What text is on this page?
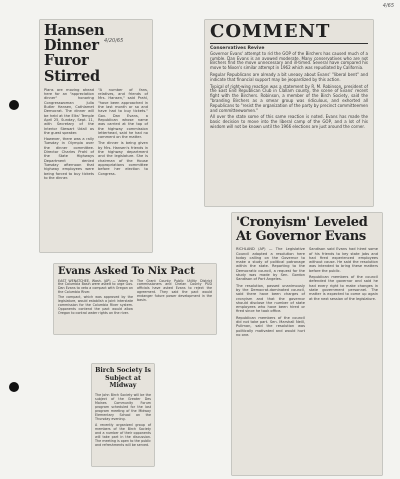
4/65
Hansen Dinner Furor Stirred
4/20/65

Plans are moving ahead here for an "appreciation dinner" honoring Congresswoman Julia Butler Hansen, Cathlamet Democrat. The dinner will be held at the Elks' Temple April 25, Sunday, Sept. 11, with Secretary of the Interior Stewart Udall as the guest speaker.

However, there was a rally Tuesday in Olympia over the dinner committee. Director Charles Prahl of the State Highways Department denied Tuesday afternoon that highway employees were being forced to buy tickets to the dinner.

"A number of fans, relatives, and friends of Mrs. Hansen," said Prahl, "have been approached in the last month or so and have had to buy tickets." Gov. Dan Evans, a Republican whose name was carried at the top of the highway commission letterhead, said he had no comment on the matter.

The dinner is being given by Mrs. Hansen's friends in the highway department and the legislature. She is chairman of the House appropriations committee before her election to Congress.

COMMENT
Conservatives Revive

Governor Evans' attempt to rid the GOP of the Birchers has caused much of a rumble. Dan Evans is an avowed moderate. Many conservatives who are not Birchers find the move unnecessary and ill-timed. Several have compared his move to Nixon's similar attempt in 1962 which was repudiated by California.

Regular Republicans are already a bit uneasy about Evans' "liberal bent" and indicate that financial support may be jeopardized by this action.

Typical of right-wing reaction was a statement by R. M. Robinson, president of the East End Republican Club in Clallam county, the scene of Evans' recent fight with the Birchers. Robinson, a member of the Birch Society, said the "branding Birchers as a smear group was ridiculous, and exhorted all Republicans to "resist the organization of the party by precinct committeemen and committeewomen."

All over the state some of this same reaction is noted. Evans has made the basic decision to move into the liberal camp of the GOP, and a lot of his wisdom will not be known until the 1966 elections are just around the corner.

'Cronyism' Leveled At Governor Evans

RICHLAND (AP) — The Legislative Council adopted a resolution here today calling on the Governor to make a study of political patronage within the state. Reporting to the Democratic council, a request for the study was made by Sen. Gordon Sandison of Port Angeles.

The resolution, passed unanimously by the Democrat-dominated council, said there have been charges of cronyism and that the governor should disclose the number of state employees who have been hired or fired since he took office.

Republican members of the council did not take part. Sen. Marshall Neill, Pullman, said the resolution was politically motivated and would hurt no one.

Sandison said Evans had hired some of his friends to key state jobs and had fired experienced employees without cause. He said the resolution was intended to bring these matters before the public.

Republican members of the council defended the governor and said he had every right to make changes in state government personnel. The matter is expected to come up again at the next session of the legislature.

Evans Asked To Nix Pact

EAST WENATCHEE, Wash. (AP) — Voters in the Columbia Basin were asked to urge Gov. Dan Evans to veto a compact with Oregon on the Columbia River.

The compact, which was approved by the legislature, would establish a joint interstate commission for the Columbia River system. Opponents contend the pact would allow Oregon to control water rights on the river.

The Grant County Public Utility District commissioners and Chelan County PUD officials have asked Evans to reject the agreement. They said the pact would endanger future power development in the basin.

Birch Society Is Subject at Midway

The John Birch Society will be the subject of the Greater Des Moines Community Forum program scheduled for the last program meeting of the Midway Elementary School on the Thursday evening.

A recently organized group of members of the Birch Society and a number of their opponents will take part in the discussion. The meeting is open to the public and refreshments will be served.
